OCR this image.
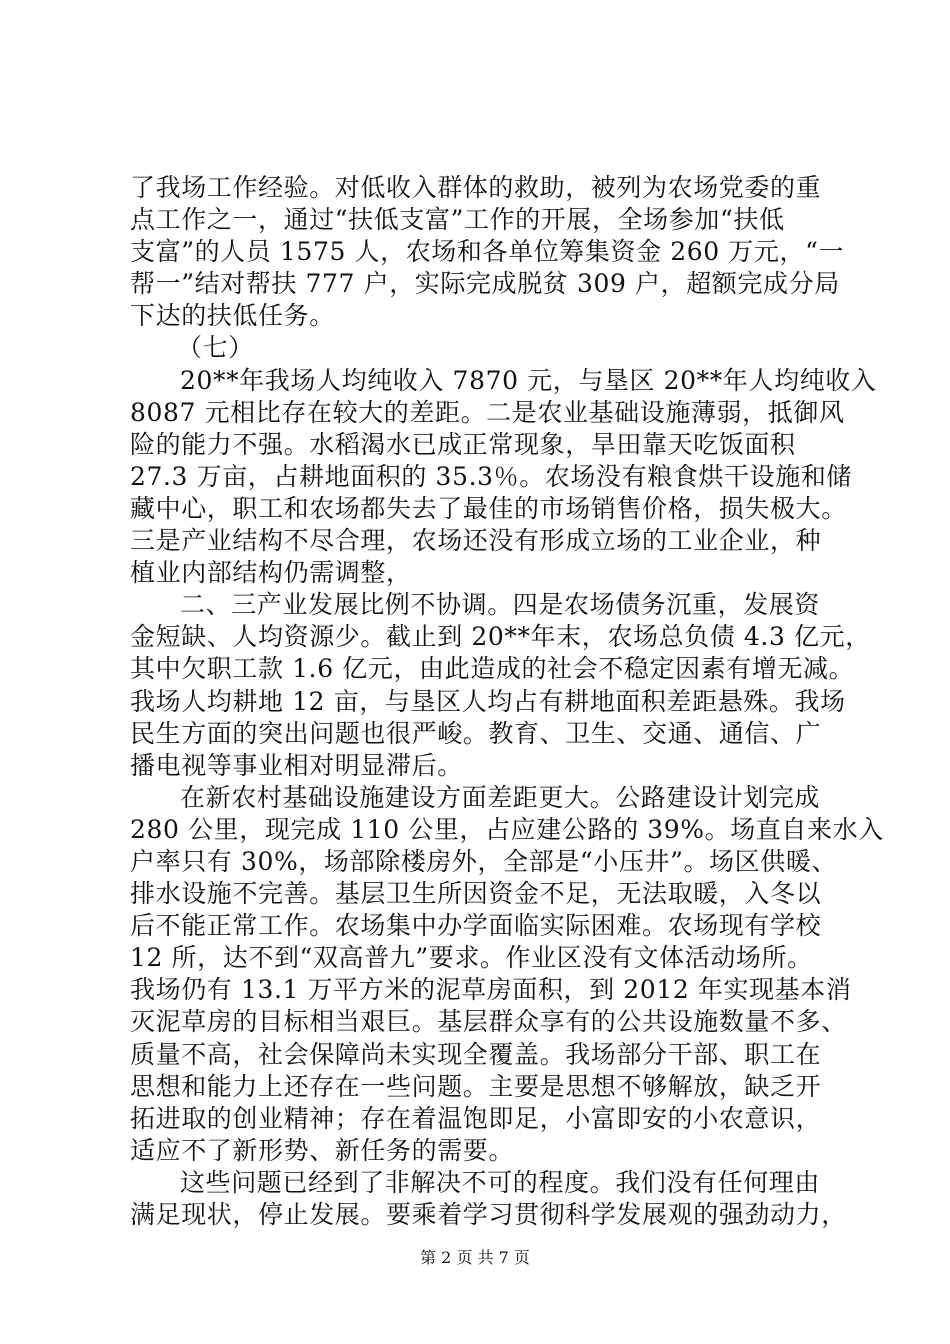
了我场工作经验。对低收入群体的救助，被列为农场党委的重
点工作之一，通过“扶低支富”工作的开展，全场参加“扶低
支富”的人员 1575 人，农场和各单位筹集资金 260 万元，“一
帮一”结对帮扶 777 户，实际完成脱贫 309 户，超额完成分局
下达的扶低任务。
（七）
20**年我场人均纯收入 7870 元，与垦区 20**年人均纯收入
8087 元相比存在较大的差距。二是农业基础设施薄弱，抵御风
险的能力不强。水稻渴水已成正常现象，旱田靠天吃饭面积
27.3 万亩，占耕地面积的 35.3％。农场没有粮食烘干设施和储
藏中心，职工和农场都失去了最佳的市场销售价格，损失极大。
三是产业结构不尽合理，农场还没有形成立场的工业企业，种
植业内部结构仍需调整，
二、三产业发展比例不协调。四是农场债务沉重，发展资
金短缺、人均资源少。截止到 20**年末，农场总负债 4.3 亿元，
其中欠职工款 1.6 亿元，由此造成的社会不稳定因素有增无减。
我场人均耕地 12 亩，与垦区人均占有耕地面积差距悬殊。我场
民生方面的突出问题也很严峻。教育、卫生、交通、通信、广
播电视等事业相对明显滞后。
在新农村基础设施建设方面差距更大。公路建设计划完成
280 公里，现完成 110 公里，占应建公路的 39%。场直自来水入
户率只有 30%，场部除楼房外，全部是“小压井”。场区供暖、
排水设施不完善。基层卫生所因资金不足，无法取暖，入冬以
后不能正常工作。农场集中办学面临实际困难。农场现有学校
12 所，达不到“双高普九”要求。作业区没有文体活动场所。
我场仍有 13.1 万平方米的泥草房面积，到 2012 年实现基本消
灭泥草房的目标相当艰巨。基层群众享有的公共设施数量不多、
质量不高，社会保障尚未实现全覆盖。我场部分干部、职工在
思想和能力上还存在一些问题。主要是思想不够解放，缺乏开
拓进取的创业精神；存在着温饱即足，小富即安的小农意识，
适应不了新形势、新任务的需要。
这些问题已经到了非解决不可的程度。我们没有任何理由
满足现状，停止发展。要乘着学习贯彻科学发展观的强劲动力，
第 2 页 共 7 页
